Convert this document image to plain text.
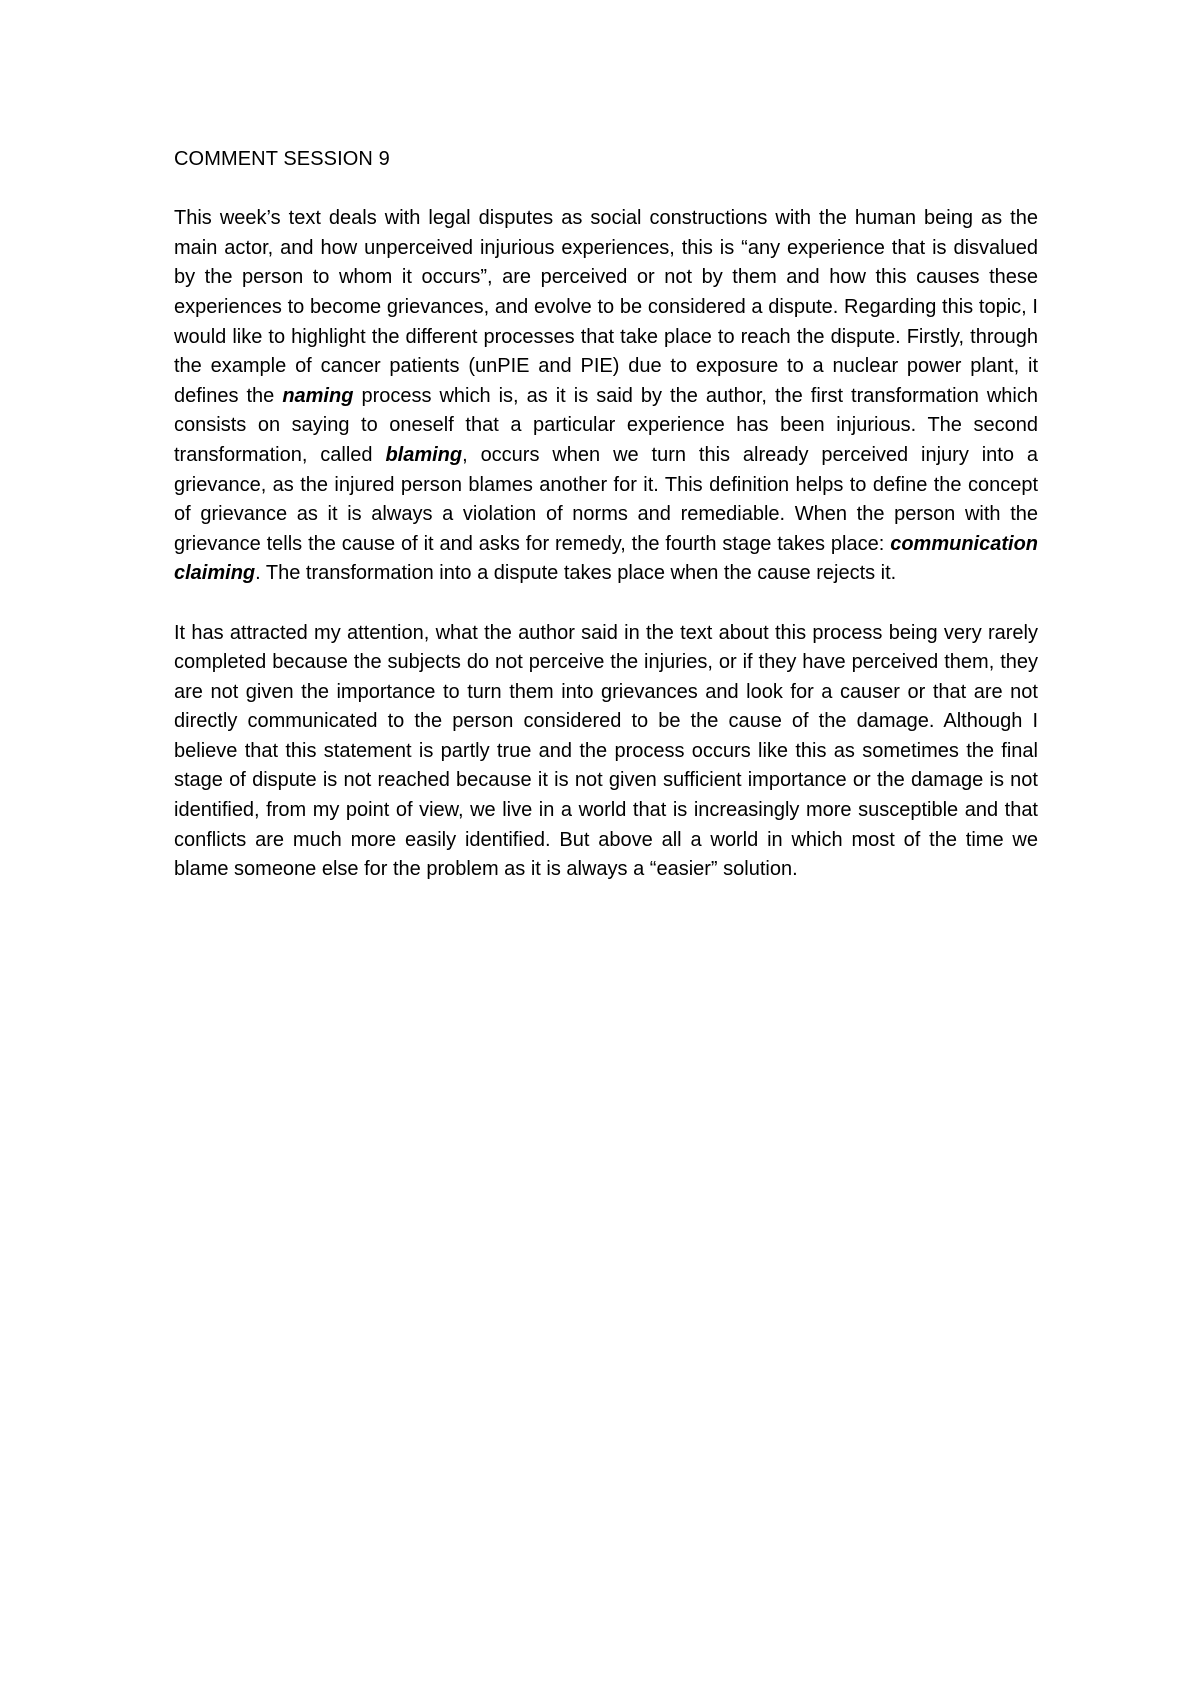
COMMENT SESSION 9

This week’s text deals with legal disputes as social constructions with the human being as the main actor, and how unperceived injurious experiences, this is “any experience that is disvalued by the person to whom it occurs”, are perceived or not by them and how this causes these experiences to become grievances, and evolve to be considered a dispute. Regarding this topic, I would like to highlight the different processes that take place to reach the dispute. Firstly, through the example of cancer patients (unPIE and PIE) due to exposure to a nuclear power plant, it defines the naming process which is, as it is said by the author, the first transformation which consists on saying to oneself that a particular experience has been injurious. The second transformation, called blaming, occurs when we turn this already perceived injury into a grievance, as the injured person blames another for it. This definition helps to define the concept of grievance as it is always a violation of norms and remediable. When the person with the grievance tells the cause of it and asks for remedy, the fourth stage takes place: communication claiming. The transformation into a dispute takes place when the cause rejects it.

It has attracted my attention, what the author said in the text about this process being very rarely completed because the subjects do not perceive the injuries, or if they have perceived them, they are not given the importance to turn them into grievances and look for a causer or that are not directly communicated to the person considered to be the cause of the damage. Although I believe that this statement is partly true and the process occurs like this as sometimes the final stage of dispute is not reached because it is not given sufficient importance or the damage is not identified, from my point of view, we live in a world that is increasingly more susceptible and that conflicts are much more easily identified. But above all a world in which most of the time we blame someone else for the problem as it is always a “easier” solution.
